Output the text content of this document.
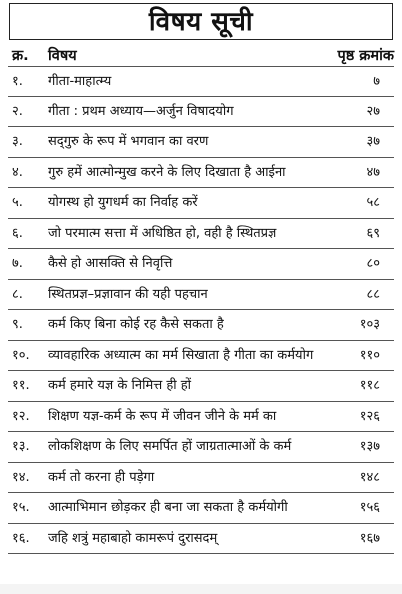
विषय सूची
क्र. विषय	पृष्ठ क्रमांक
१. गीता-माहात्म्य	७
२. गीता : प्रथम अध्याय—अर्जुन विषादयोग	२७
३. सद्‌गुरु के रूप में भगवान का वरण	३७
४. गुरु हमें आत्मोन्मुख करने के लिए दिखाता है आईना	४७
५. योगस्थ हो युगधर्म का निर्वाह करें	५८
६. जो परमात्म सत्ता में अधिष्ठित हो, वही है स्थितप्रज्ञ	६९
७. कैसे हो आसक्ति से निवृत्ति	८०
८. स्थितप्रज्ञ–प्रज्ञावान की यही पहचान	८८
९. कर्म किए बिना कोई रह कैसे सकता है	१०३
१०. व्यावहारिक अध्यात्म का मर्म सिखाता है गीता का कर्मयोग	११०
११. कर्म हमारे यज्ञ के निमित्त ही हों	११८
१२. शिक्षण यज्ञ-कर्म के रूप में जीवन जीने के मर्म का	१२६
१३. लोकशिक्षण के लिए समर्पित हों जाग्रतात्माओं के कर्म	१३७
१४. कर्म तो करना ही पड़ेगा	१४८
१५. आत्माभिमान छोड़कर ही बना जा सकता है कर्मयोगी	१५६
१६. जहि शत्रुं महाबाहो कामरूपं दुरासदम्‌	१६७
